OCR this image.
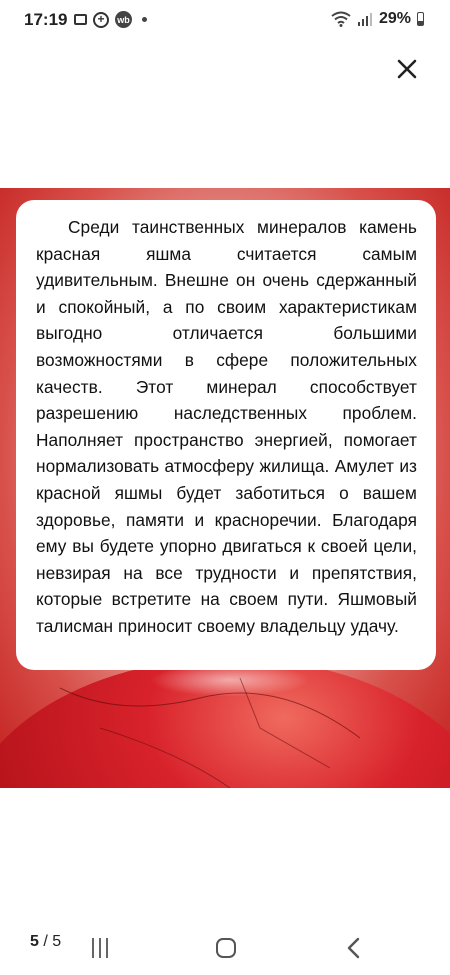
17:19	+	wb	29%

Среди таинственных минералов камень красная яшма считается самым удивительным. Внешне он очень сдержанный и спокойный, а по своим характеристикам выгодно отличается большими возможностями в сфере положительных качеств. Этот минерал способствует разрешению наследственных проблем. Наполняет пространство энергией, помогает нормализовать атмосферу жилища. Амулет из красной яшмы будет заботиться о вашем здоровье, памяти и красноречии. Благодаря ему вы будете упорно двигаться к своей цели, невзирая на все трудности и препятствия, которые встретите на своем пути. Яшмовый талисман приносит своему владельцу удачу.

5 / 5
